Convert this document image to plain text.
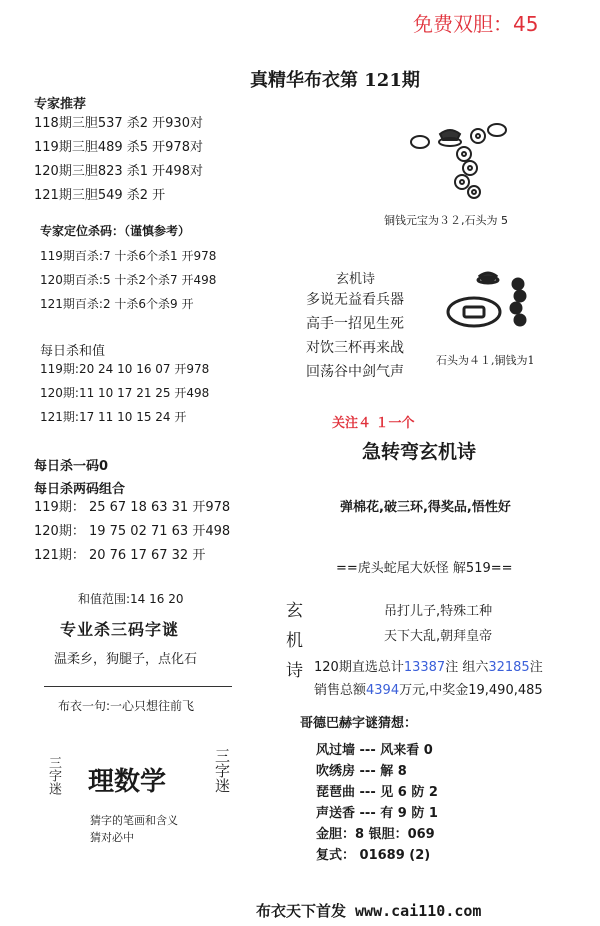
免费双胆：45
真精华布衣第 121期
专家推荐
118期三胆537 杀2 开930对
119期三胆489 杀5 开978对
120期三胆823 杀1 开498对
121期三胆549 杀2 开
专家定位杀码：（谨慎参考）
119期百杀:7 十杀6个杀1 开978
120期百杀:5 十杀2个杀7 开498
121期百杀:2 十杀6个杀9 开
每日杀和值
119期:20 24 10 16 07 开978
120期:11 10 17 21 25 开498
121期:17 11 10 15 24 开
每日杀一码0
每日杀两码组合
119期： 25 67 18 63 31 开978
120期： 19 75 02 71 63 开498
121期： 20 76 17 67 32 开
和值范围:14 16 20
专业杀三码字谜
温柔乡，狗腿子，点化石
布衣一句:一心只想往前飞
三字迷 理数学	三字迷
猜字的笔画和含义
猜对必中
铜钱元宝为３２,石头为 5
玄机诗
多说无益看兵器
高手一招见生死
对饮三杯再来战
回荡谷中剑气声
石头为４１,铜钱为1
关注４ １一个
急转弯玄机诗
弹棉花,破三环,得奖品,悟性好
==虎头蛇尾大妖怪 解519==
玄
机
诗
吊打儿子,特殊工种
天下大乱,朝拜皇帝
120期直选总计13387注 组六32185注
销售总额4394万元,中奖金19,490,485
哥德巴赫字谜猜想：
风过墙 --- 风来看 0
吹绣房 --- 解 8
琵琶曲 --- 见 6 防 2
声送香 --- 有 9 防 1
金胆：8 银胆：069
复式： 01689 (2)
布衣天下首发 www.cai110.com
